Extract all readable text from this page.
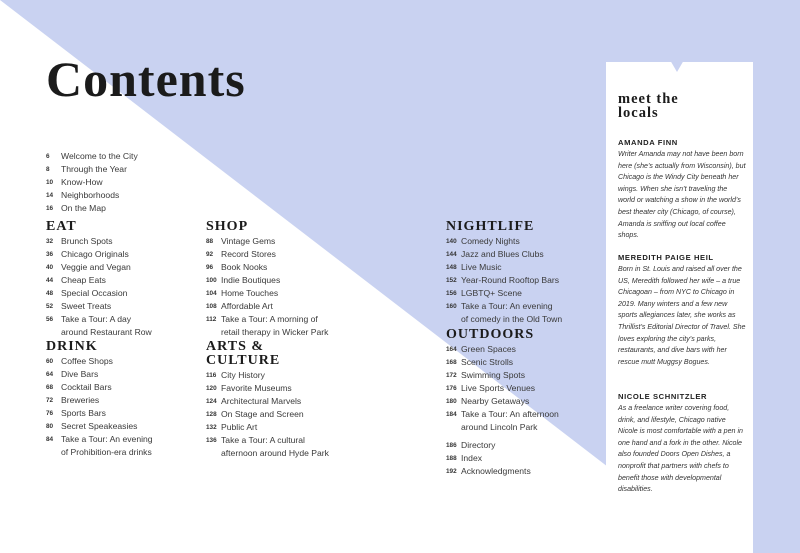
Contents
6	Welcome to the City
8	Through the Year
10 Know-How
14 Neighborhoods
16 On the Map
EAT
32 Brunch Spots
36 Chicago Originals
40 Veggie and Vegan
44 Cheap Eats
48 Special Occasion
52 Sweet Treats
56 Take a Tour: A day
around Restaurant Row
DRINK
60 Coffee Shops
64 Dive Bars
68 Cocktail Bars
72 Breweries
76 Sports Bars
80 Secret Speakeasies
84 Take a Tour: An evening
of Prohibition-era drinks
SHOP
88 Vintage Gems
92 Record Stores
96 Book Nooks
100 Indie Boutiques
104 Home Touches
108 Affordable Art
112 Take a Tour: A morning of
retail therapy in Wicker Park
ARTS &
CULTURE
116 City History
120 Favorite Museums
124 Architectural Marvels
128 On Stage and Screen
132 Public Art
136 Take a Tour: A cultural
afternoon around Hyde Park
NIGHTLIFE
140 Comedy Nights
144 Jazz and Blues Clubs
148 Live Music
152 Year-Round Rooftop Bars
156 LGBTQ+ Scene
160 Take a Tour: An evening
of comedy in the Old Town
OUTDOORS
164 Green Spaces
168 Scenic Strolls
172 Swimming Spots
176 Live Sports Venues
180 Nearby Getaways
184 Take a Tour: An afternoon
around Lincoln Park
186 Directory
188 Index
192 Acknowledgments
meet the
locals
AMANDA FINN
Writer Amanda may not have been born here (she’s actually from Wisconsin), but Chicago is the Windy City beneath her wings. When she isn’t traveling the world or watching a show in the world’s best theater city (Chicago, of course), Amanda is sniffing out local coffee shops.
MEREDITH PAIGE HEIL
Born in St. Louis and raised all over the US, Meredith followed her wife – a true Chicagoan – from NYC to Chicago in 2019. Many winters and a few new sports allegiances later, she works as Thrillist’s Editorial Director of Travel. She loves exploring the city’s parks, restaurants, and dive bars with her rescue mutt Muggsy Bogues.
NICOLE SCHNITZLER
As a freelance writer covering food, drink, and lifestyle, Chicago native Nicole is most comfortable with a pen in one hand and a fork in the other. Nicole also founded Doors Open Dishes, a nonprofit that partners with chefs to benefit those with developmental disabilities.
